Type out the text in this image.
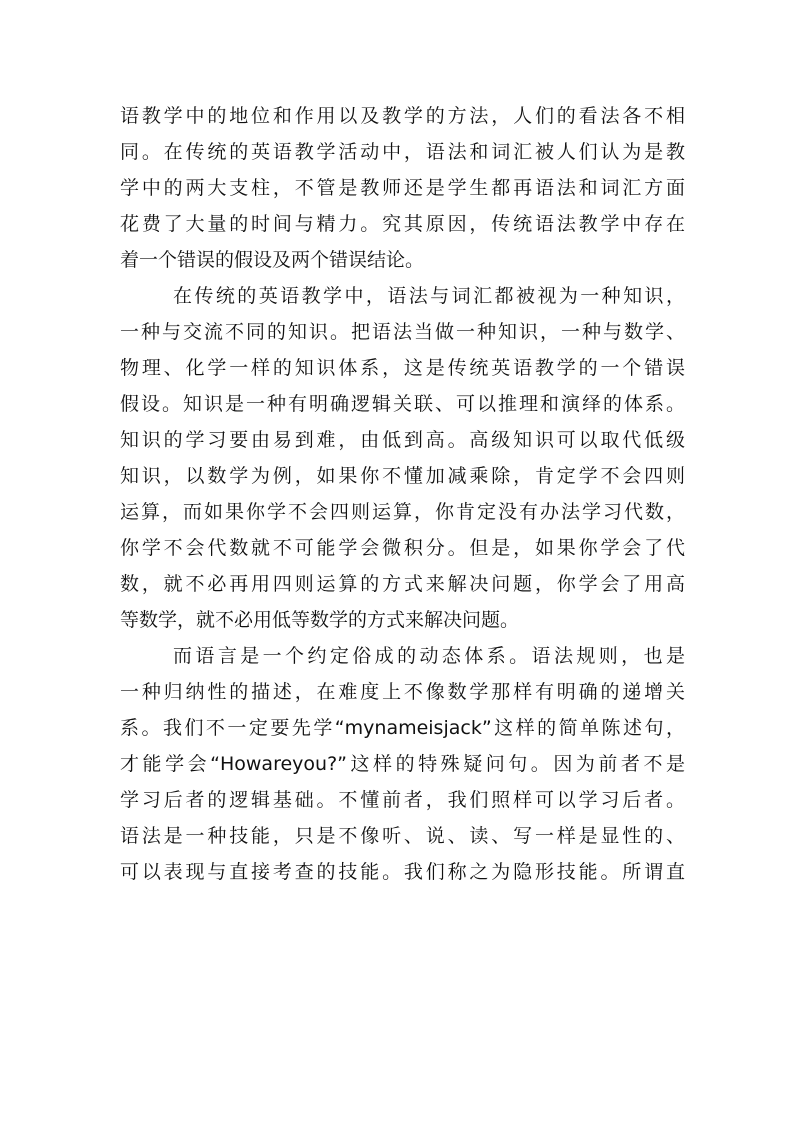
语教学中的地位和作用以及教学的方法，人们的看法各不相
同。在传统的英语教学活动中，语法和词汇被人们认为是教
学中的两大支柱，不管是教师还是学生都再语法和词汇方面
花费了大量的时间与精力。究其原因，传统语法教学中存在
着一个错误的假设及两个错误结论。
在传统的英语教学中，语法与词汇都被视为一种知识，
一种与交流不同的知识。把语法当做一种知识，一种与数学、
物理、化学一样的知识体系，这是传统英语教学的一个错误
假设。知识是一种有明确逻辑关联、可以推理和演绎的体系。
知识的学习要由易到难，由低到高。高级知识可以取代低级
知识，以数学为例，如果你不懂加减乘除，肯定学不会四则
运算，而如果你学不会四则运算，你肯定没有办法学习代数，
你学不会代数就不可能学会微积分。但是，如果你学会了代
数，就不必再用四则运算的方式来解决问题，你学会了用高
等数学，就不必用低等数学的方式来解决问题。
而语言是一个约定俗成的动态体系。语法规则，也是
一种归纳性的描述，在难度上不像数学那样有明确的递增关
系。我们不一定要先学“mynameisjack”这样的简单陈述句，
才能学会“Howareyou?”这样的特殊疑问句。因为前者不是
学习后者的逻辑基础。不懂前者，我们照样可以学习后者。
语法是一种技能，只是不像听、说、读、写一样是显性的、
可以表现与直接考查的技能。我们称之为隐形技能。所谓直
